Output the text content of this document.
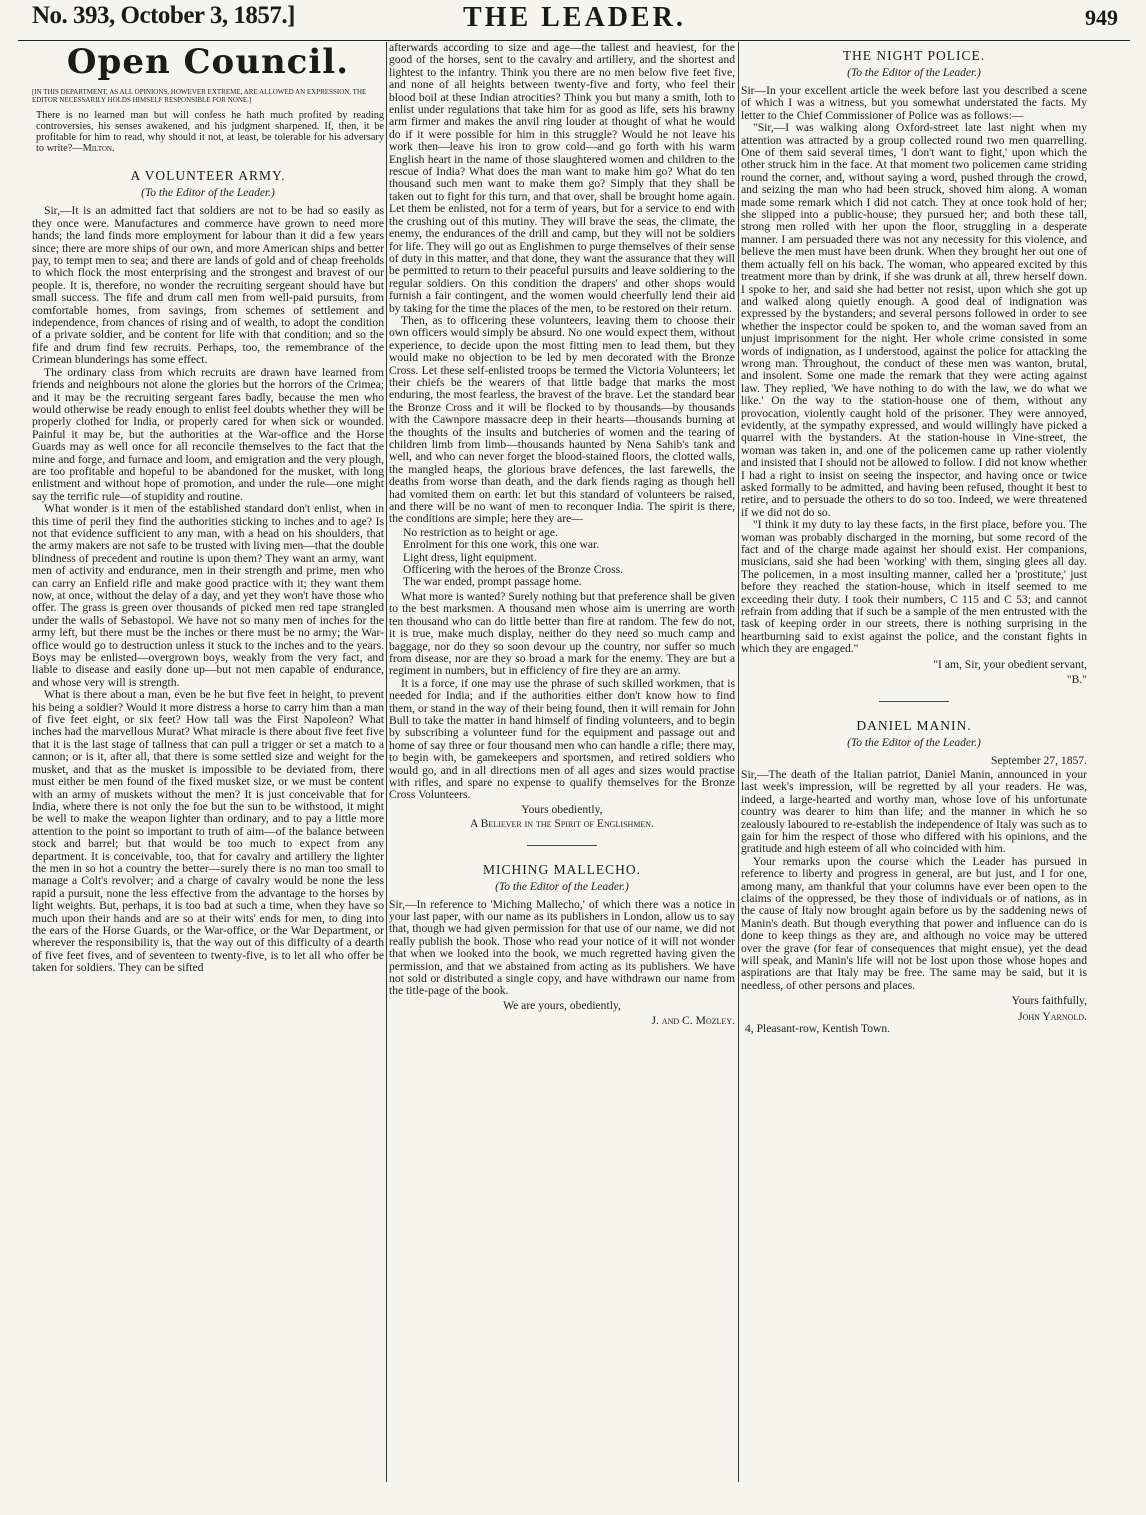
No. 393, October 3, 1857.]	THE LEADER.	949
Open Council.
[IN THIS DEPARTMENT, AS ALL OPINIONS, HOWEVER EXTREME, ARE ALLOWED AN EXPRESSION, THE EDITOR NECESSARILY HOLDS HIMSELF RESPONSIBLE FOR NONE.]
There is no learned man but will confess he hath much profited by reading controversies, his senses awakened, and his judgment sharpened. If, then, it be profitable for him to read, why should it not, at least, be tolerable for his adversary to write?—Milton.
A VOLUNTEER ARMY.
(To the Editor of the Leader.)

Sir,—It is an admitted fact that soldiers are not to be had so easily as they once were. Manufactures and commerce have grown to need more hands; the land finds more employment for labour than it did a few years since; there are more ships of our own, and more American ships and better pay, to tempt men to sea; and there are lands of gold and of cheap freeholds to which flock the most enterprising and the strongest and bravest of our people. It is, therefore, no wonder the recruiting sergeant should have but small success. The fife and drum call men from well-paid pursuits, from comfortable homes, from savings, from schemes of settlement and independence, from chances of rising and of wealth, to adopt the condition of a private soldier, and be content for life with that condition; and so the fife and drum find few recruits. Perhaps, too, the remembrance of the Crimean blunderings has some effect.

The ordinary class from which recruits are drawn have learned from friends and neighbours not alone the glories but the horrors of the Crimea; and it may be the recruiting sergeant fares badly, because the men who would otherwise be ready enough to enlist feel doubts whether they will be properly clothed for India, or properly cared for when sick or wounded. Painful it may be, but the authorities at the War-office and the Horse Guards may as well once for all reconcile themselves to the fact that the mine and forge, and furnace and loom, and emigration and the very plough, are too profitable and hopeful to be abandoned for the musket, with long enlistment and without hope of promotion, and under the rule—one might say the terrific rule—of stupidity and routine.

What wonder is it men of the established standard don't enlist, when in this time of peril they find the authorities sticking to inches and to age? Is not that evidence sufficient to any man, with a head on his shoulders, that the army makers are not safe to be trusted with living men—that the double blindness of precedent and routine is upon them? They want an army, want men of activity and endurance, men in their strength and prime, men who can carry an Enfield rifle and make good practice with it; they want them now, at once, without the delay of a day, and yet they won't have those who offer. The grass is green over thousands of picked men red tape strangled under the walls of Sebastopol. We have not so many men of inches for the army left, but there must be the inches or there must be no army; the War-office would go to destruction unless it stuck to the inches and to the years. Boys may be enlisted—overgrown boys, weakly from the very fact, and liable to disease and easily done up—but not men capable of endurance, and whose very will is strength.

What is there about a man, even be he but five feet in height, to prevent his being a soldier? Would it more distress a horse to carry him than a man of five feet eight, or six feet? How tall was the First Napoleon? What inches had the marvellous Murat? What miracle is there about five feet five that it is the last stage of tallness that can pull a trigger or set a match to a cannon; or is it, after all, that there is some settled size and weight for the musket, and that as the musket is impossible to be deviated from, there must either be men found of the fixed musket size, or we must be content with an army of muskets without the men? It is just conceivable that for India, where there is not only the foe but the sun to be withstood, it might be well to make the weapon lighter than ordinary, and to pay a little more attention to the point so important to truth of aim—of the balance between stock and barrel; but that would be too much to expect from any department. It is conceivable, too, that for cavalry and artillery the lighter the men in so hot a country the better—surely there is no man too small to manage a Colt's revolver; and a charge of cavalry would be none the less rapid a pursuit, none the less effective from the advantage to the horses by light weights. But, perhaps, it is too bad at such a time, when they have so much upon their hands and are so at their wits' ends for men, to ding into the ears of the Horse Guards, or the War-office, or the War Department, or wherever the responsibility is, that the way out of this difficulty of a dearth of five feet fives, and of seventeen to twenty-five, is to let all who offer be taken for soldiers. They can be sifted

afterwards according to size and age—the tallest and heaviest, for the good of the horses, sent to the cavalry and artillery, and the shortest and lightest to the infantry. Think you there are no men below five feet five, and none of all heights between twenty-five and forty, who feel their blood boil at these Indian atrocities? Think you but many a smith, loth to enlist under regulations that take him for as good as life, sets his brawny arm firmer and makes the anvil ring louder at thought of what he would do if it were possible for him in this struggle? Would he not leave his work then—leave his iron to grow cold—and go forth with his warm English heart in the name of those slaughtered women and children to the rescue of India? What does the man want to make him go? What do ten thousand such men want to make them go? Simply that they shall be taken out to fight for this turn, and that over, shall be brought home again. Let them be enlisted, not for a term of years, but for a service to end with the crushing out of this mutiny. They will brave the seas, the climate, the enemy, the endurances of the drill and camp, but they will not be soldiers for life. They will go out as Englishmen to purge themselves of their sense of duty in this matter, and that done, they want the assurance that they will be permitted to return to their peaceful pursuits and leave soldiering to the regular soldiers. On this condition the drapers' and other shops would furnish a fair contingent, and the women would cheerfully lend their aid by taking for the time the places of the men, to be restored on their return.

Then, as to officering these volunteers, leaving them to choose their own officers would simply be absurd. No one would expect them, without experience, to decide upon the most fitting men to lead them, but they would make no objection to be led by men decorated with the Bronze Cross. Let these self-enlisted troops be termed the Victoria Volunteers; let their chiefs be the wearers of that little badge that marks the most enduring, the most fearless, the bravest of the brave. Let the standard bear the Bronze Cross and it will be flocked to by thousands—by thousands with the Cawnpore massacre deep in their hearts—thousands burning at the thoughts of the insults and butcheries of women and the tearing of children limb from limb—thousands haunted by Nena Sahib's tank and well, and who can never forget the blood-stained floors, the clotted walls, the mangled heaps, the glorious brave defences, the last farewells, the deaths from worse than death, and the dark fiends raging as though hell had vomited them on earth: let but this standard of volunteers be raised, and there will be no want of men to reconquer India. The spirit is there, the conditions are simple; here they are—

No restriction as to height or age.
Enrolment for this one work, this one war.
Light dress, light equipment.
Officering with the heroes of the Bronze Cross.
The war ended, prompt passage home.

What more is wanted? Surely nothing but that preference shall be given to the best marksmen. A thousand men whose aim is unerring are worth ten thousand who can do little better than fire at random. The few do not, it is true, make much display, neither do they need so much camp and baggage, nor do they so soon devour up the country, nor suffer so much from disease, nor are they so broad a mark for the enemy. They are but a regiment in numbers, but in efficiency of fire they are an army.

It is a force, if one may use the phrase of such skilled workmen, that is needed for India; and if the authorities either don't know how to find them, or stand in the way of their being found, then it will remain for John Bull to take the matter in hand himself of finding volunteers, and to begin by subscribing a volunteer fund for the equipment and passage out and home of say three or four thousand men who can handle a rifle; there may, to begin with, be gamekeepers and sportsmen, and retired soldiers who would go, and in all directions men of all ages and sizes would practise with rifles, and spare no expense to qualify themselves for the Bronze Cross Volunteers.

Yours obediently,
A Believer in the Spirit of Englishmen.
MICHING MALLECHO.
(To the Editor of the Leader.)

Sir,—In reference to 'Miching Mallecho,' of which there was a notice in your last paper, with our name as its publishers in London, allow us to say that, though we had given permission for that use of our name, we did not really publish the book. Those who read your notice of it will not wonder that when we looked into the book, we much regretted having given the permission, and that we abstained from acting as its publishers. We have not sold or distributed a single copy, and have withdrawn our name from the title-page of the book.

We are yours, obediently,
J. and C. Mozley.
THE NIGHT POLICE.
(To the Editor of the Leader.)

Sir—In your excellent article the week before last you described a scene of which I was a witness, but you somewhat understated the facts. My letter to the Chief Commissioner of Police was as follows:—

"Sir,—I was walking along Oxford-street late last night when my attention was attracted by a group collected round two men quarrelling. One of them said several times, 'I don't want to fight,' upon which the other struck him in the face. At that moment two policemen came striding round the corner, and, without saying a word, pushed through the crowd, and seizing the man who had been struck, shoved him along. A woman made some remark which I did not catch. They at once took hold of her; she slipped into a public-house; they pursued her; and both these tall, strong men rolled with her upon the floor, struggling in a desperate manner. I am persuaded there was not any necessity for this violence, and believe the men must have been drunk. When they brought her out one of them actually fell on his back. The woman, who appeared excited by this treatment more than by drink, if she was drunk at all, threw herself down. I spoke to her, and said she had better not resist, upon which she got up and walked along quietly enough. A good deal of indignation was expressed by the bystanders; and several persons followed in order to see whether the inspector could be spoken to, and the woman saved from an unjust imprisonment for the night. Her whole crime consisted in some words of indignation, as I understood, against the police for attacking the wrong man. Throughout, the conduct of these men was wanton, brutal, and insolent. Some one made the remark that they were acting against law. They replied, 'We have nothing to do with the law, we do what we like.' On the way to the station-house one of them, without any provocation, violently caught hold of the prisoner. They were annoyed, evidently, at the sympathy expressed, and would willingly have picked a quarrel with the bystanders. At the station-house in Vine-street, the woman was taken in, and one of the policemen came up rather violently and insisted that I should not be allowed to follow. I did not know whether I had a right to insist on seeing the inspector, and having once or twice asked formally to be admitted, and having been refused, thought it best to retire, and to persuade the others to do so too. Indeed, we were threatened if we did not do so.

"I think it my duty to lay these facts, in the first place, before you. The woman was probably discharged in the morning, but some record of the fact and of the charge made against her should exist. Her companions, musicians, said she had been 'working' with them, singing glees all day. The policemen, in a most insulting manner, called her a 'prostitute,' just before they reached the station-house, which in itself seemed to me exceeding their duty. I took their numbers, C 115 and C 53; and cannot refrain from adding that if such be a sample of the men entrusted with the task of keeping order in our streets, there is nothing surprising in the heartburning said to exist against the police, and the constant fights in which they are engaged."

"I am, Sir, your obedient servant,
"B."
DANIEL MANIN.
(To the Editor of the Leader.)
September 27, 1857.

Sir,—The death of the Italian patriot, Daniel Manin, announced in your last week's impression, will be regretted by all your readers. He was, indeed, a large-hearted and worthy man, whose love of his unfortunate country was dearer to him than life; and the manner in which he so zealously laboured to re-establish the independence of Italy was such as to gain for him the respect of those who differed with his opinions, and the gratitude and high esteem of all who coincided with him.

Your remarks upon the course which the Leader has pursued in reference to liberty and progress in general, are but just, and I for one, among many, am thankful that your columns have ever been open to the claims of the oppressed, be they those of individuals or of nations, as in the cause of Italy now brought again before us by the saddening news of Manin's death. But though everything that power and influence can do is done to keep things as they are, and although no voice may be uttered over the grave (for fear of consequences that might ensue), yet the dead will speak, and Manin's life will not be lost upon those whose hopes and aspirations are that Italy may be free. The same may be said, but it is needless, of other persons and places.

Yours faithfully,
John Yarnold.
4, Pleasant-row, Kentish Town.
